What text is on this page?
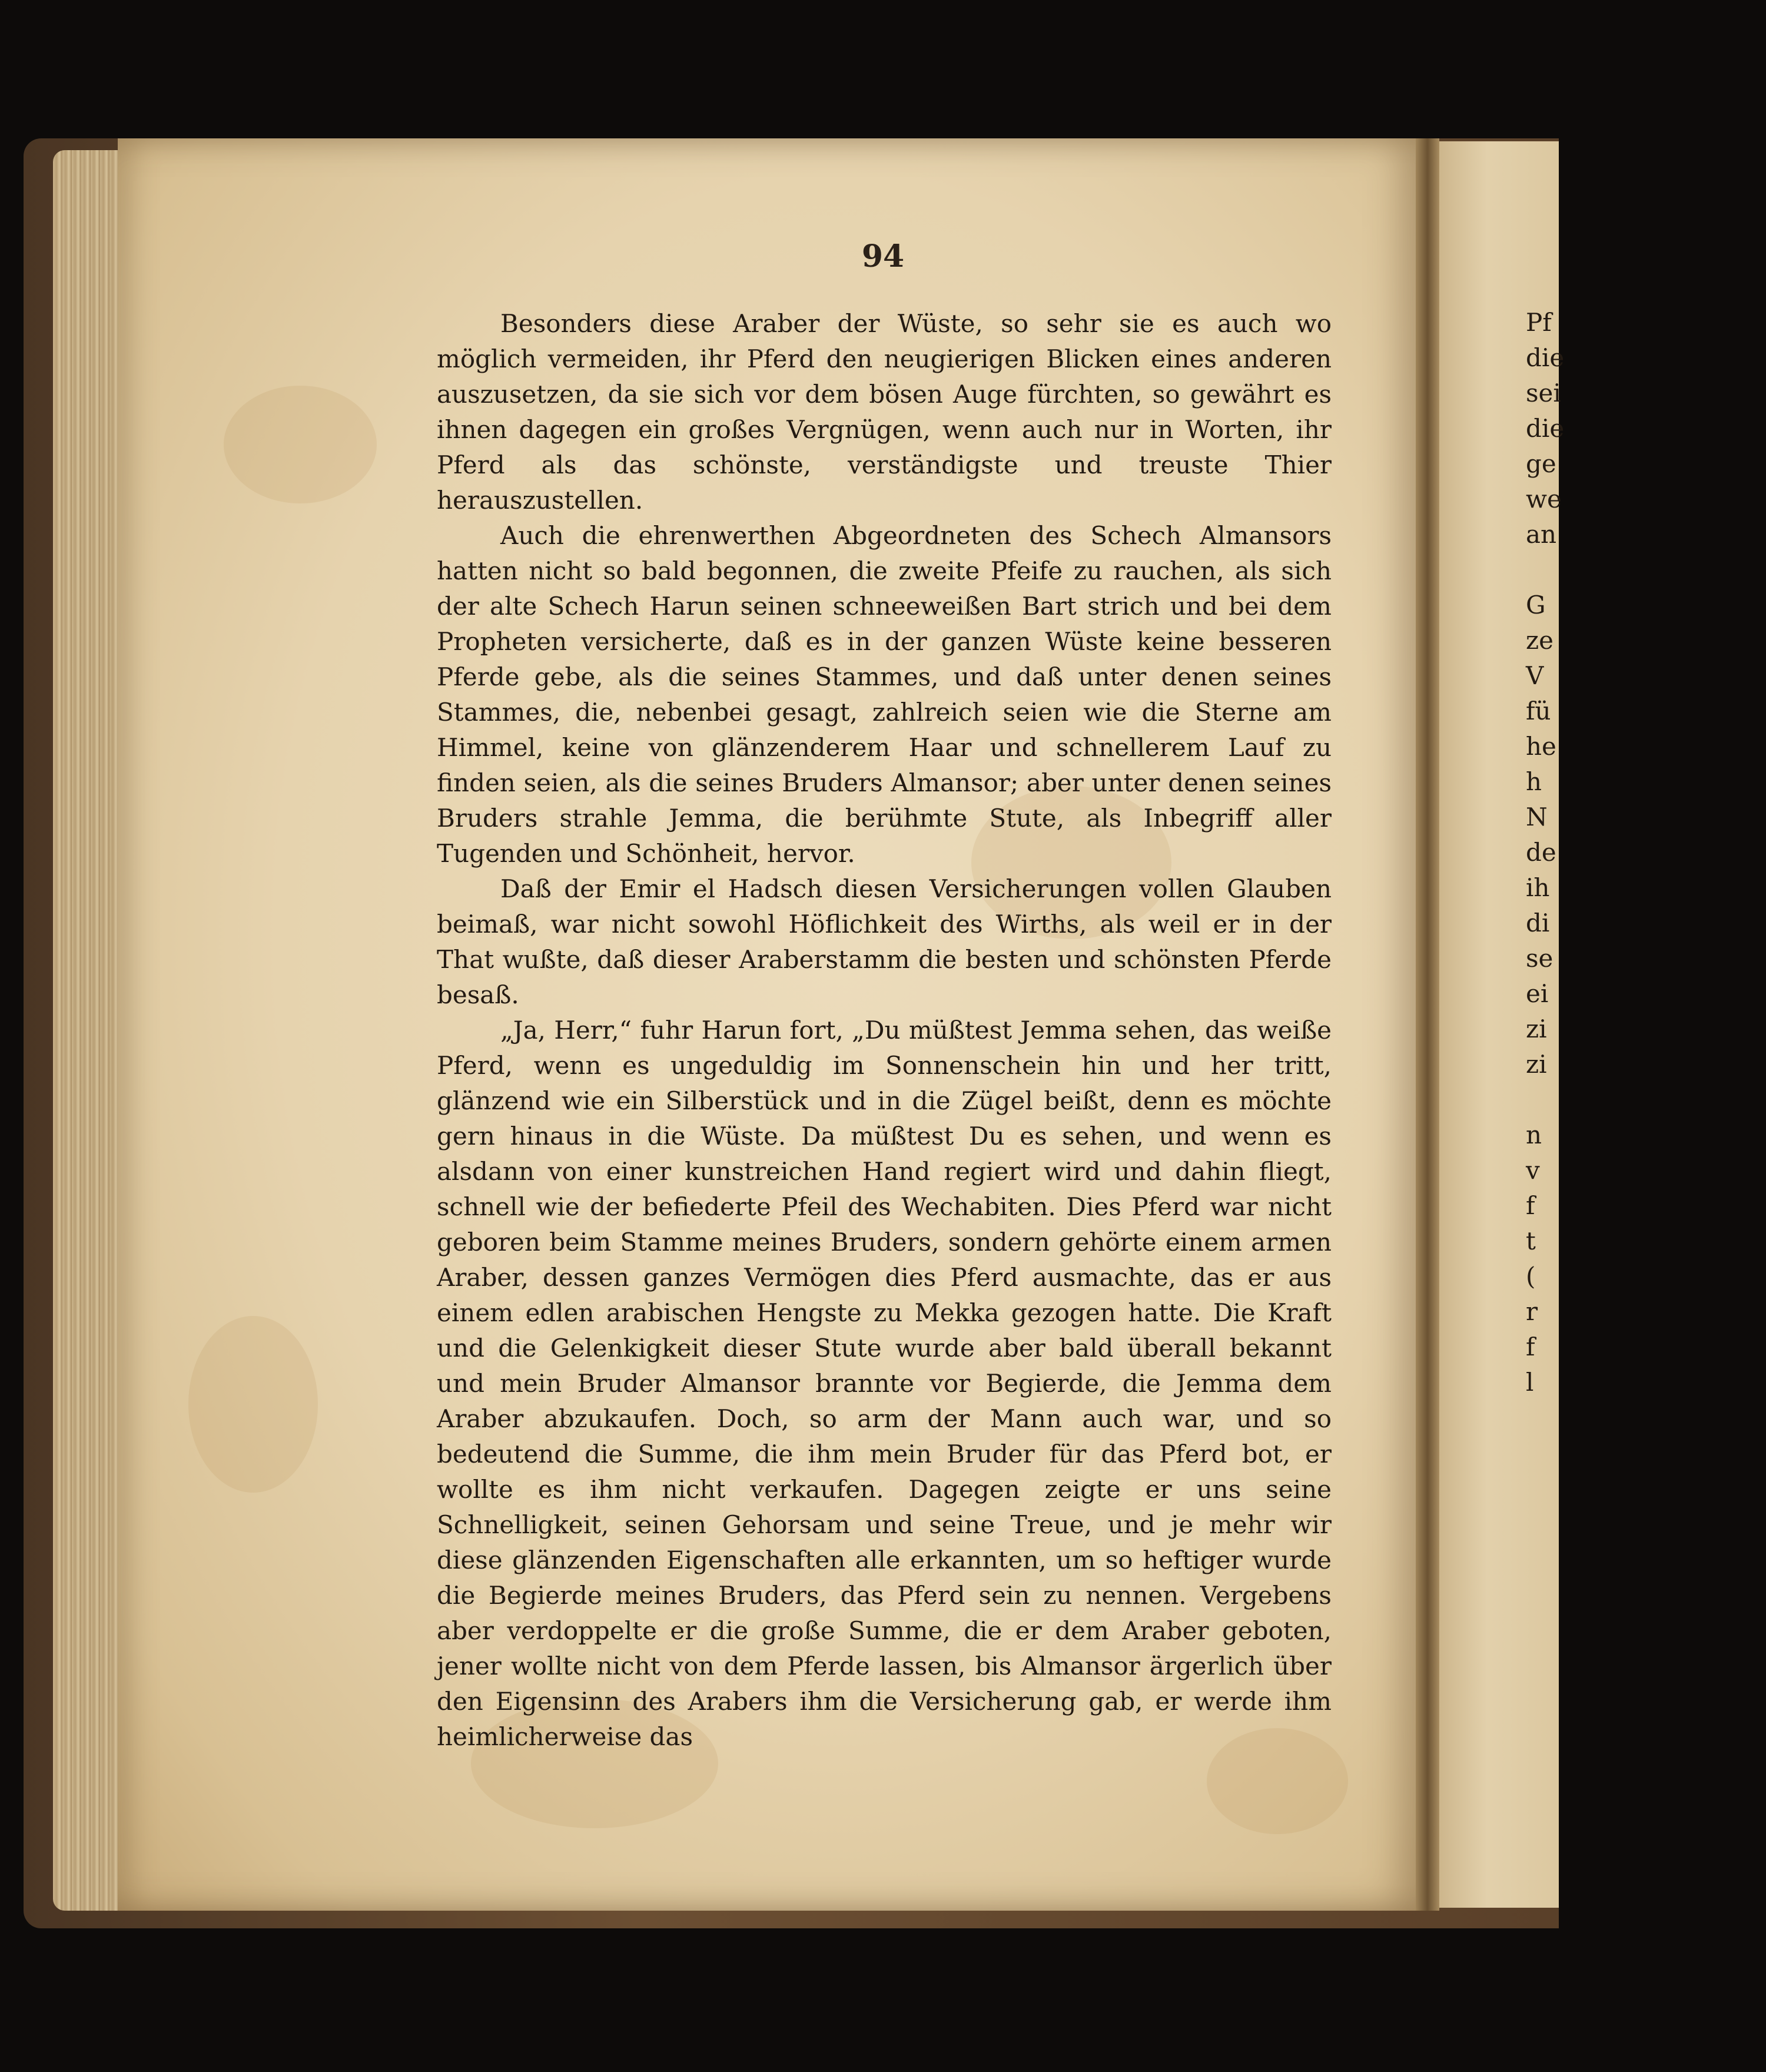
94

Besonders diese Araber der Wüste, so sehr sie es auch wo möglich vermeiden, ihr Pferd den neugierigen Blicken eines anderen auszusetzen, da sie sich vor dem bösen Auge fürchten, so gewährt es ihnen dagegen ein großes Vergnügen, wenn auch nur in Worten, ihr Pferd als das schönste, verständigste und treuste Thier herauszustellen.

Auch die ehrenwerthen Abgeordneten des Schech Almansors hatten nicht so bald begonnen, die zweite Pfeife zu rauchen, als sich der alte Schech Harun seinen schneeweißen Bart strich und bei dem Propheten versicherte, daß es in der ganzen Wüste keine besseren Pferde gebe, als die seines Stammes, und daß unter denen seines Stammes, die, nebenbei gesagt, zahlreich seien wie die Sterne am Himmel, keine von glänzenderem Haar und schnellerem Lauf zu finden seien, als die seines Bruders Almansor; aber unter denen seines Bruders strahle Jemma, die berühmte Stute, als Inbegriff aller Tugenden und Schönheit, hervor.

Daß der Emir el Hadsch diesen Versicherungen vollen Glauben beimaß, war nicht sowohl Höflichkeit des Wirths, als weil er in der That wußte, daß dieser Araberstamm die besten und schönsten Pferde besaß.

„Ja, Herr,“ fuhr Harun fort, „Du müßtest Jemma sehen, das weiße Pferd, wenn es ungeduldig im Sonnenschein hin und her tritt, glänzend wie ein Silberstück und in die Zügel beißt, denn es möchte gern hinaus in die Wüste. Da müßtest Du es sehen, und wenn es alsdann von einer kunstreichen Hand regiert wird und dahin fliegt, schnell wie der befiederte Pfeil des Wechabiten. Dies Pferd war nicht geboren beim Stamme meines Bruders, sondern gehörte einem armen Araber, dessen ganzes Vermögen dies Pferd ausmachte, das er aus einem edlen arabischen Hengste zu Mekka gezogen hatte. Die Kraft und die Gelenkigkeit dieser Stute wurde aber bald überall bekannt und mein Bruder Almansor brannte vor Begierde, die Jemma dem Araber abzukaufen. Doch, so arm der Mann auch war, und so bedeutend die Summe, die ihm mein Bruder für das Pferd bot, er wollte es ihm nicht verkaufen. Dagegen zeigte er uns seine Schnelligkeit, seinen Gehorsam und seine Treue, und je mehr wir diese glänzenden Eigenschaften alle erkannten, um so heftiger wurde die Begierde meines Bruders, das Pferd sein zu nennen. Vergebens aber verdoppelte er die große Summe, die er dem Araber geboten, jener wollte nicht von dem Pferde lassen, bis Almansor ärgerlich über den Eigensinn des Arabers ihm die Versicherung gab, er werde ihm heimlicherweise das

Pf
die
sei
die
ge
we
an
G
ze
V
fü
he
h
N
de
ih
di
se
ei
zi
zi
n
v
f
t
(
r
f
l
